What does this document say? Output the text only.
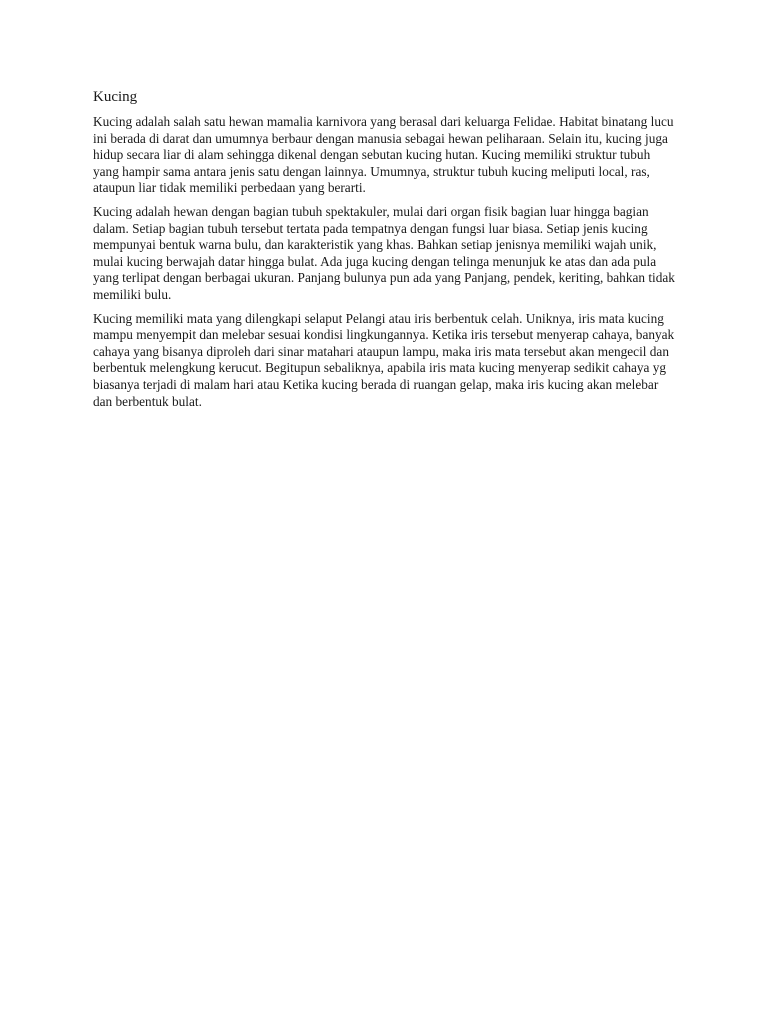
Kucing

Kucing adalah salah satu hewan mamalia karnivora yang berasal dari keluarga Felidae. Habitat binatang lucu ini berada di darat dan umumnya berbaur dengan manusia sebagai hewan peliharaan. Selain itu, kucing juga hidup secara liar di alam sehingga dikenal dengan sebutan kucing hutan. Kucing memiliki struktur tubuh yang hampir sama antara jenis satu dengan lainnya. Umumnya, struktur tubuh kucing meliputi local, ras, ataupun liar tidak memiliki perbedaan yang berarti.

Kucing adalah hewan dengan bagian tubuh spektakuler, mulai dari organ fisik bagian luar hingga bagian dalam. Setiap bagian tubuh tersebut tertata pada tempatnya dengan fungsi luar biasa. Setiap jenis kucing mempunyai bentuk warna bulu, dan karakteristik yang khas. Bahkan setiap jenisnya memiliki wajah unik, mulai kucing berwajah datar hingga bulat. Ada juga kucing dengan telinga menunjuk ke atas dan ada pula yang terlipat dengan berbagai ukuran. Panjang bulunya pun ada yang Panjang, pendek, keriting, bahkan tidak memiliki bulu.

Kucing memiliki mata yang dilengkapi selaput Pelangi atau iris berbentuk celah. Uniknya, iris mata kucing mampu menyempit dan melebar sesuai kondisi lingkungannya. Ketika iris tersebut menyerap cahaya, banyak cahaya yang bisanya diproleh dari sinar matahari ataupun lampu, maka iris mata tersebut akan mengecil dan berbentuk melengkung kerucut. Begitupun sebaliknya, apabila iris mata kucing menyerap sedikit cahaya yg biasanya terjadi di malam hari atau Ketika kucing berada di ruangan gelap, maka iris kucing akan melebar dan berbentuk bulat.
